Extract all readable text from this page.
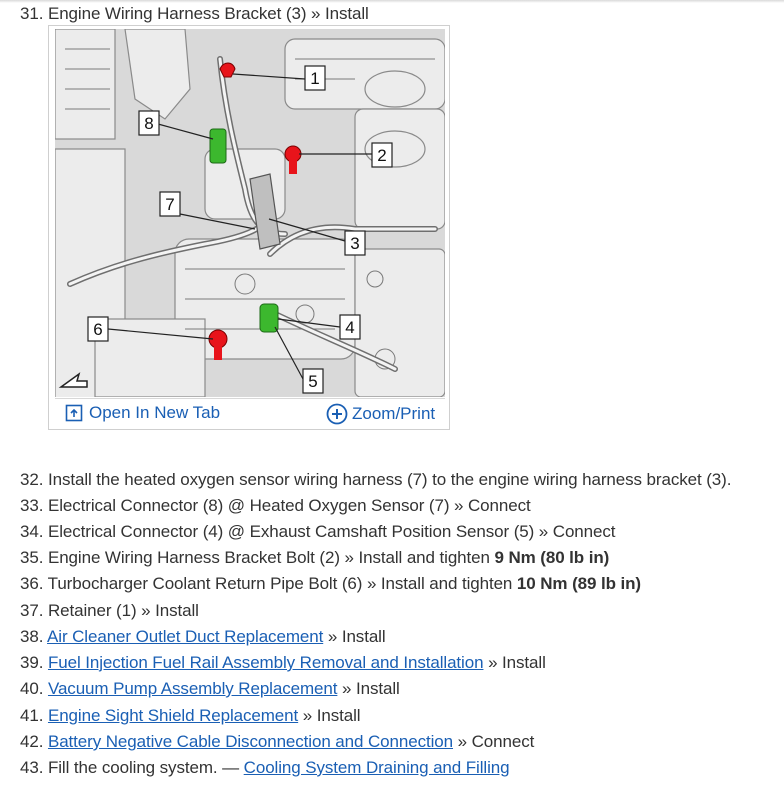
31. Engine Wiring Harness Bracket (3) » Install
1
2
3
4
5
6
7
8
Open In New Tab	Zoom/Print
32. Install the heated oxygen sensor wiring harness (7) to the engine wiring harness bracket (3).
33. Electrical Connector (8) @ Heated Oxygen Sensor (7) » Connect
34. Electrical Connector (4) @ Exhaust Camshaft Position Sensor (5) » Connect
35. Engine Wiring Harness Bracket Bolt (2) » Install and tighten 9 Nm (80 lb in)
36. Turbocharger Coolant Return Pipe Bolt (6) » Install and tighten 10 Nm (89 lb in)
37. Retainer (1) » Install
38. Air Cleaner Outlet Duct Replacement » Install
39. Fuel Injection Fuel Rail Assembly Removal and Installation » Install
40. Vacuum Pump Assembly Replacement » Install
41. Engine Sight Shield Replacement » Install
42. Battery Negative Cable Disconnection and Connection » Connect
43. Fill the cooling system. — Cooling System Draining and Filling
